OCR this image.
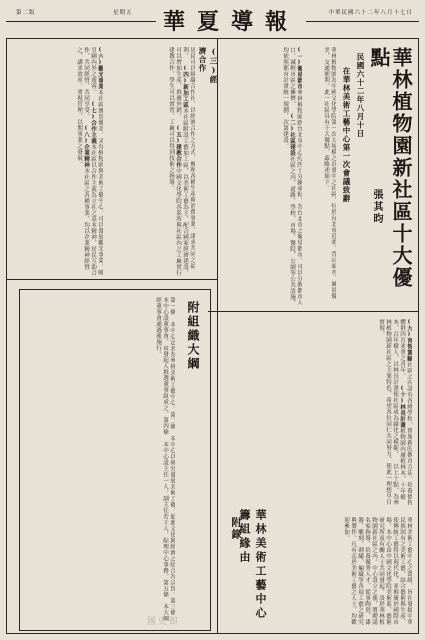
第二版	星期五	華夏導報	中華民國六十二年八月十七日
華林植物園新社區十大優點
張其昀
民國六十二年八月十日
在華林美術工藝中心第一次會議致辭
華林植物園為中國文化學院第一次大規模之計畫中之社區，位於台北市近郊，背山面水，風景優美，交通便利。此一社區具有十大優點，茲略述如下。
(一)衛星都市華林植物園距台北市中心約四十分鐘車程，為台北市之衛星都市，可以分散都市人口，減輕市區之擁擠。 (二)社區建設社區之內，道路、學校、市場、醫院、公園等公共設施，均依照都市計畫統一規劃，次第建設。
(九)育智實驗社區之內設有各級學校，實施新的教育方法，培養德智體群四育並重之青年。 (十)林長計畫植物園內廣植林木，十年樹木，百年樹人，以林長計畫使社區成為綠化之模範。 以上十點，為華林植物園新社區之主要特色，希望各位同仁共同努力，使此一理想早日實現。
附錄	華林美術工藝中心籌組緣由	華林美術工藝中心之籌組，旨在發揚中華民族固有之美術工藝，結合藝術與生產，使傳統工藝得以現代化，並推廣於國際市場。本中心由中國文化學院美術系、藝術研究所及有關人士共同發起，設於華林植物園新社區之內。中心設立之後，將聘請名家指導，培養優秀人才，從事陶瓷、漆器、雕刻、刺繡、編織等各項工藝之研究與製作。凡有志於美術工藝之人士，均歡迎參加。
(三)經濟合作
居民可以組織合作社，以經濟合作之方式，辦理各種生產與消費事業，謀求共同之福利。 (四)新加工區本社區附設工藝加工區，以美術工藝為主，配合國家經濟建設，可以增加生產，推廣外銷。 (五)建教合作中國文化學院各系所與社區內之工廠實行建教合作，學生可以實習，工廠可以得到技術之指導。
(六)觀光事業本社區風景優美，又有植物園與美術工藝中心，可以發展觀光事業，吸引國內外之遊客。 (七)合作主義本社區以合作主義為立社之基本精神，居民互助合作，共同經營，共同享受。 (八)企業精神本社區之各種事業，均以企業精神經營之，講求效率，重視管理，以期事業之發展。
附組織大綱
第一條 本中心定名為華林美術工藝中心。第二條 本中心以研究發展美術工藝，促進文化與經濟之結合為宗旨。第三條 本中心設董事會，由發起人推選董事組成之。第四條 本中心設主任一人，副主任若干人，綜理中心事務。第五條 本大綱經董事會通過後施行。
國史館
